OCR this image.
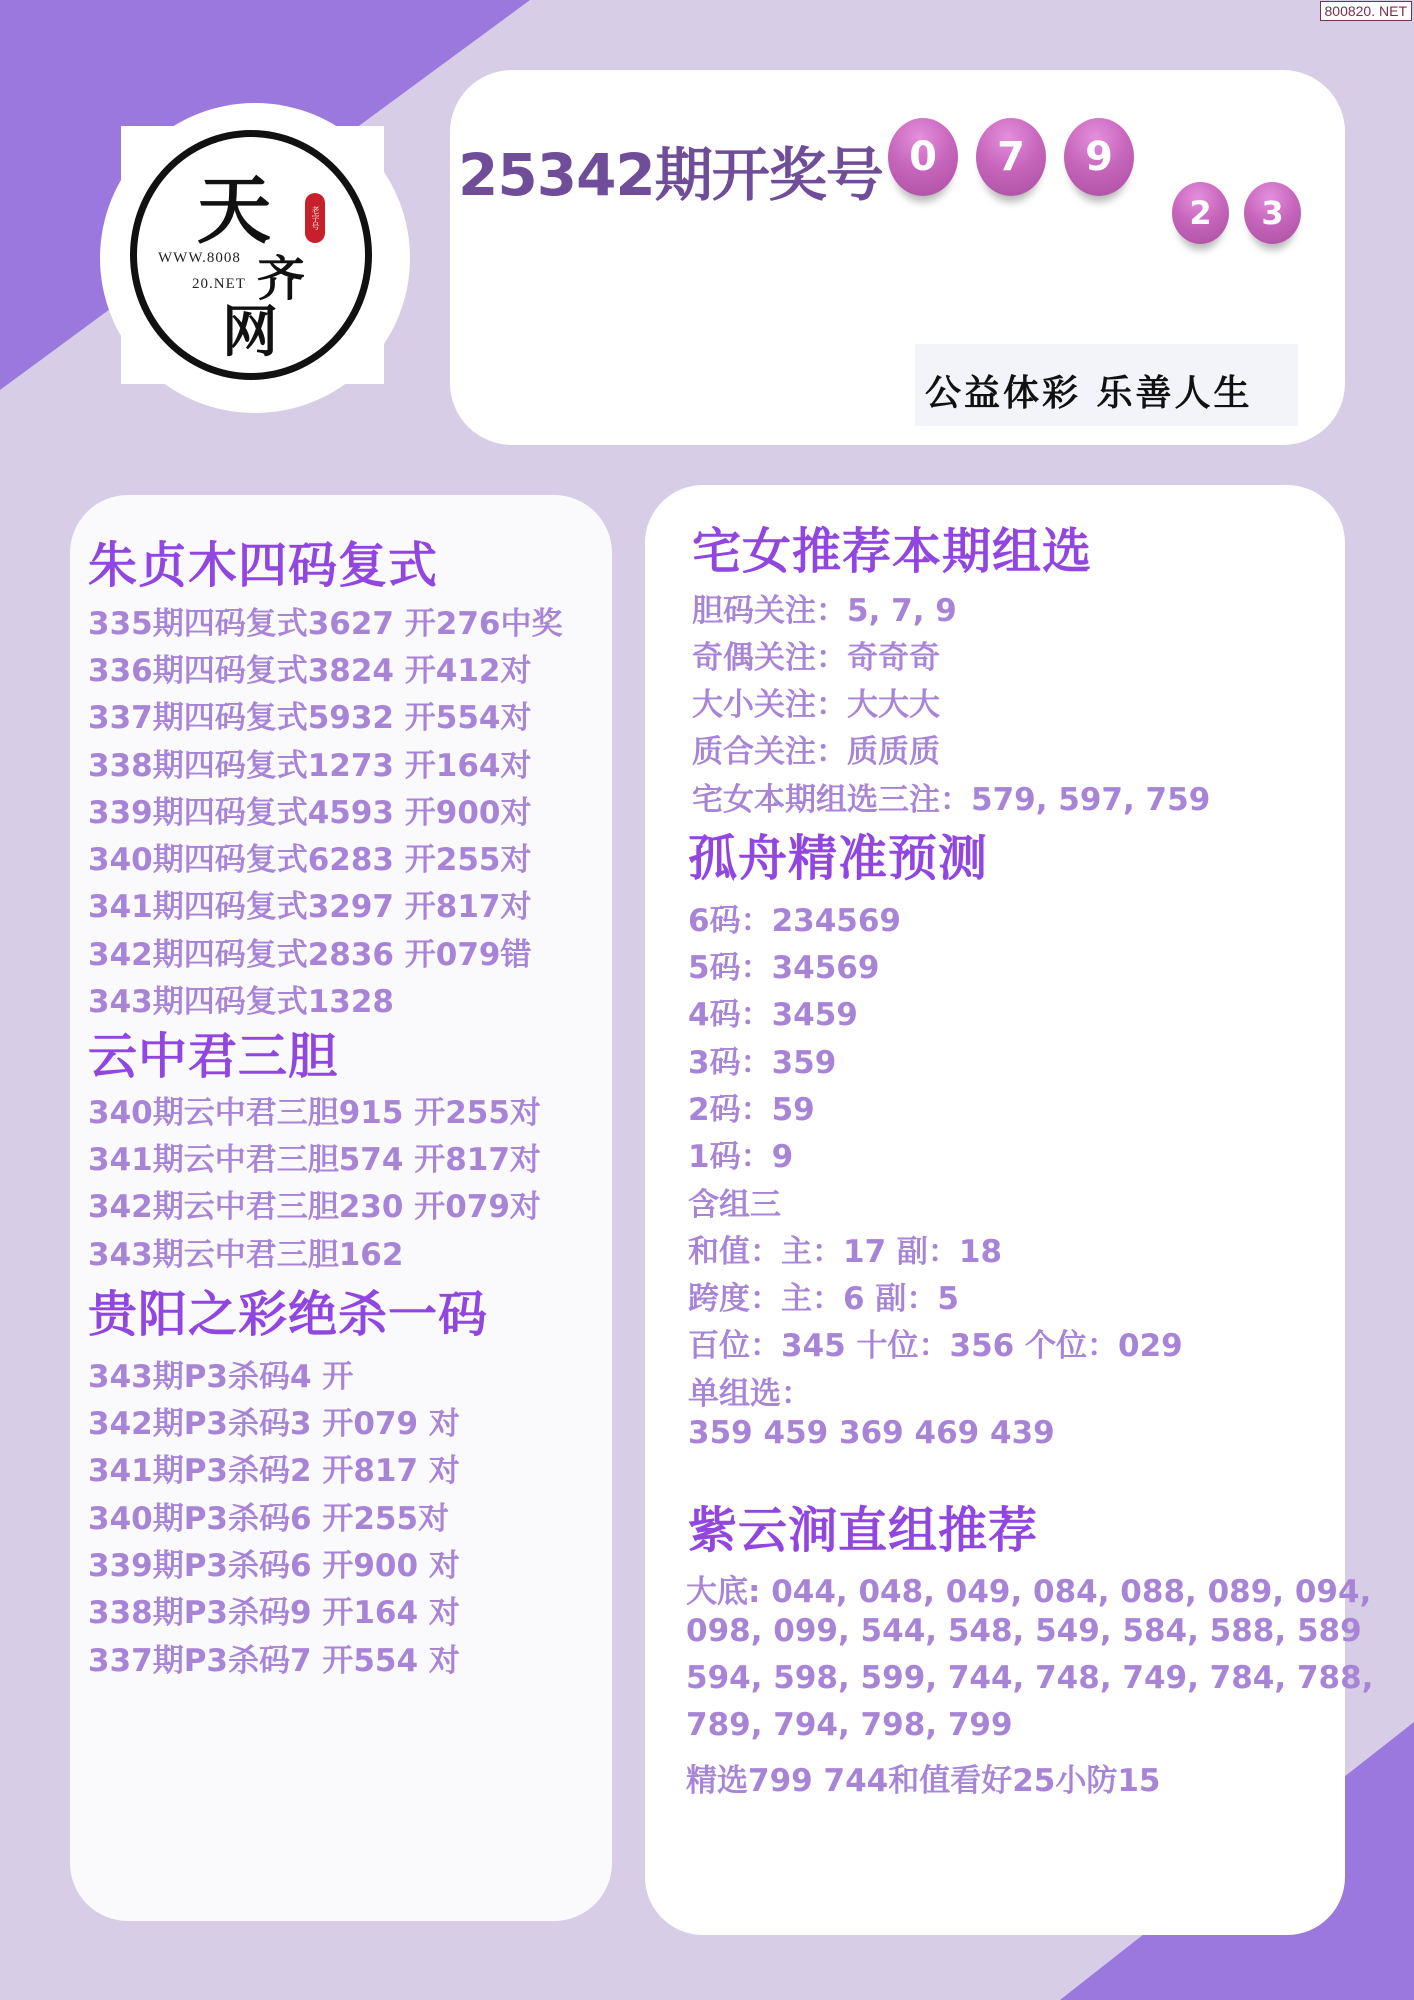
800820. NET
天
齐
网
WWW.8008
20.NET
老字号
25342期开奖号 0	7	9
2	3
公益体彩 乐善人生
朱贞木四码复式
335期四码复式3627 开276中奖
336期四码复式3824 开412对
337期四码复式5932 开554对
338期四码复式1273 开164对
339期四码复式4593 开900对
340期四码复式6283 开255对
341期四码复式3297 开817对
342期四码复式2836 开079错
343期四码复式1328
云中君三胆
340期云中君三胆915 开255对
341期云中君三胆574 开817对
342期云中君三胆230 开079对
343期云中君三胆162
贵阳之彩绝杀一码
343期P3杀码4 开
342期P3杀码3 开079 对
341期P3杀码2 开817 对
340期P3杀码6 开255对
339期P3杀码6 开900 对
338期P3杀码9 开164 对
337期P3杀码7 开554 对
宅女推荐本期组选
胆码关注：5, 7, 9
奇偶关注：奇奇奇
大小关注：大大大
质合关注：质质质
宅女本期组选三注：579, 597, 759
孤舟精准预测
6码：234569
5码：34569
4码：3459
3码：359
2码：59
1码：9
含组三
和值：主：17 副：18
跨度：主：6 副：5
百位：345 十位：356 个位：029
单组选：
359 459 369 469 439
紫云涧直组推荐
大底: 044, 048, 049, 084, 088, 089, 094,
098, 099, 544, 548, 549, 584, 588, 589
594, 598, 599, 744, 748, 749, 784, 788,
789, 794, 798, 799
精选799 744和值看好25小防15
